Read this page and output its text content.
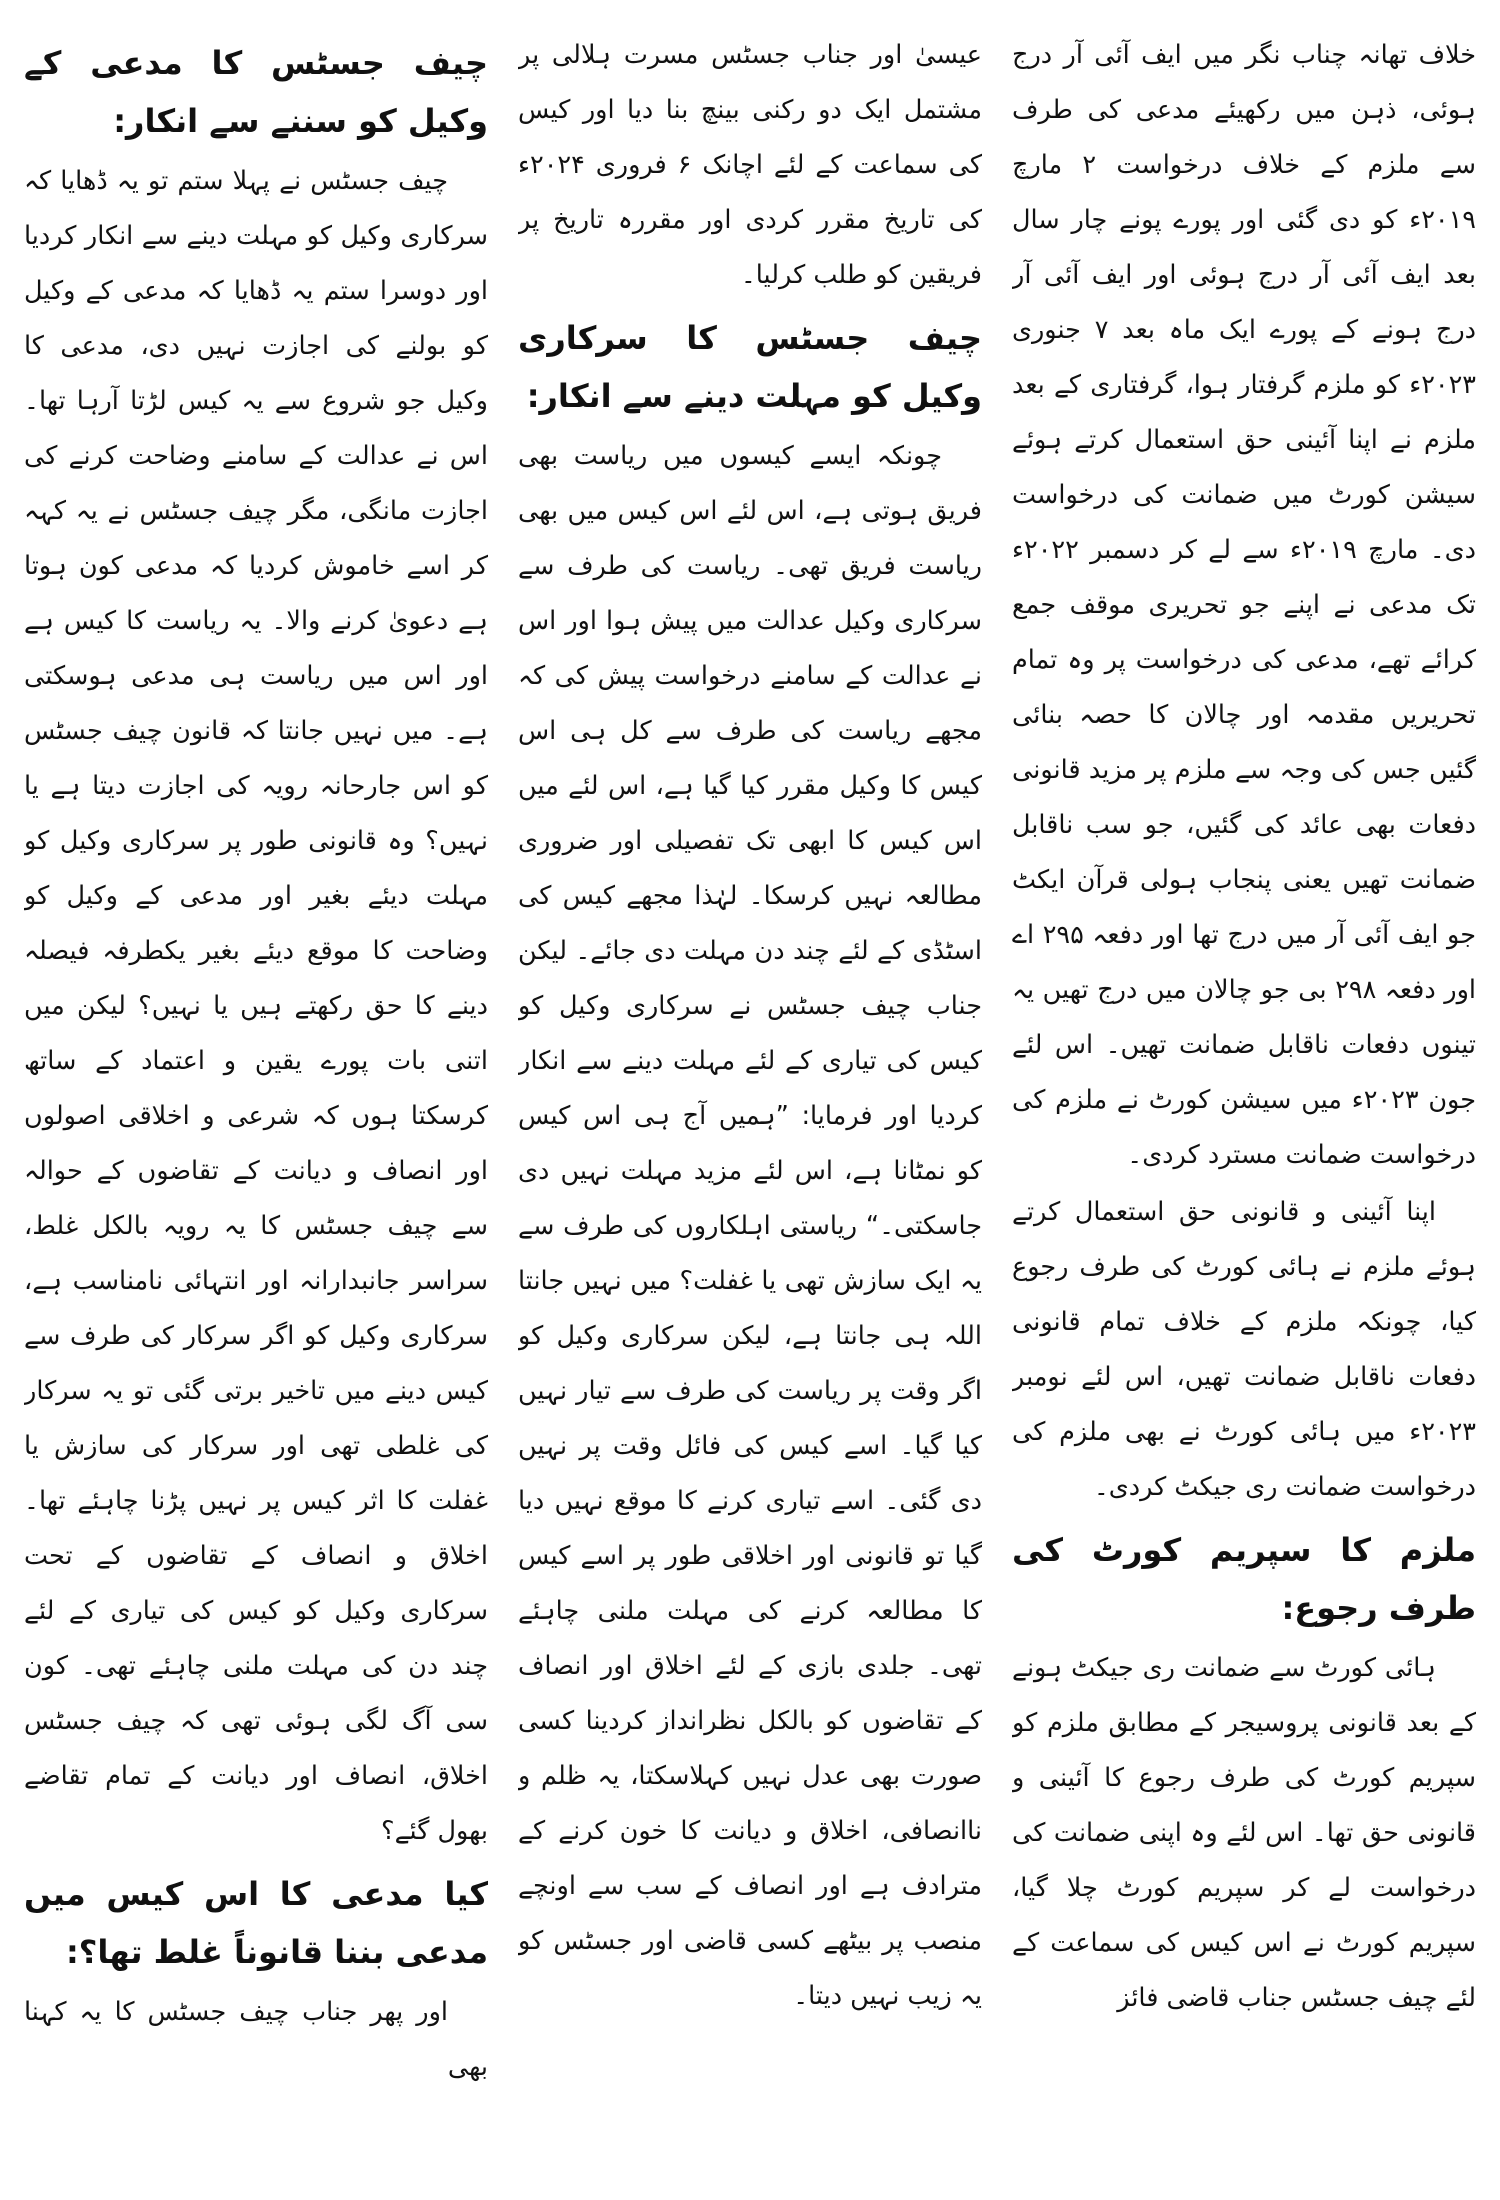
خلاف تھانہ چناب نگر میں ایف آئی آر درج ہوئی، ذہن میں رکھیئے مدعی کی طرف سے ملزم کے خلاف درخواست ۲ مارچ ۲۰۱۹ء کو دی گئی اور پورے پونے چار سال بعد ایف آئی آر درج ہوئی اور ایف آئی آر درج ہونے کے پورے ایک ماہ بعد ۷ جنوری ۲۰۲۳ء کو ملزم گرفتار ہوا، گرفتاری کے بعد ملزم نے اپنا آئینی حق استعمال کرتے ہوئے سیشن کورٹ میں ضمانت کی درخواست دی۔ مارچ ۲۰۱۹ء سے لے کر دسمبر ۲۰۲۲ء تک مدعی نے اپنے جو تحریری موقف جمع کرائے تھے، مدعی کی درخواست پر وہ تمام تحریریں مقدمہ اور چالان کا حصہ بنائی گئیں جس کی وجہ سے ملزم پر مزید قانونی دفعات بھی عائد کی گئیں، جو سب ناقابل ضمانت تھیں یعنی پنجاب ہولی قرآن ایکٹ جو ایف آئی آر میں درج تھا اور دفعہ ۲۹۵ اے اور دفعہ ۲۹۸ بی جو چالان میں درج تھیں یہ تینوں دفعات ناقابل ضمانت تھیں۔ اس لئے جون ۲۰۲۳ء میں سیشن کورٹ نے ملزم کی درخواست ضمانت مسترد کردی۔

اپنا آئینی و قانونی حق استعمال کرتے ہوئے ملزم نے ہائی کورٹ کی طرف رجوع کیا، چونکہ ملزم کے خلاف تمام قانونی دفعات ناقابل ضمانت تھیں، اس لئے نومبر ۲۰۲۳ء میں ہائی کورٹ نے بھی ملزم کی درخواست ضمانت ری جیکٹ کردی۔

ملزم کا سپریم کورٹ کی طرف رجوع:

ہائی کورٹ سے ضمانت ری جیکٹ ہونے کے بعد قانونی پروسیجر کے مطابق ملزم کو سپریم کورٹ کی طرف رجوع کا آئینی و قانونی حق تھا۔ اس لئے وہ اپنی ضمانت کی درخواست لے کر سپریم کورٹ چلا گیا، سپریم کورٹ نے اس کیس کی سماعت کے لئے چیف جسٹس جناب قاضی فائز

عیسیٰ اور جناب جسٹس مسرت ہلالی پر مشتمل ایک دو رکنی بینچ بنا دیا اور کیس کی سماعت کے لئے اچانک ۶ فروری ۲۰۲۴ء کی تاریخ مقرر کردی اور مقررہ تاریخ پر فریقین کو طلب کرلیا۔

چیف جسٹس کا سرکاری وکیل کو مہلت دینے سے انکار:

چونکہ ایسے کیسوں میں ریاست بھی فریق ہوتی ہے، اس لئے اس کیس میں بھی ریاست فریق تھی۔ ریاست کی طرف سے سرکاری وکیل عدالت میں پیش ہوا اور اس نے عدالت کے سامنے درخواست پیش کی کہ مجھے ریاست کی طرف سے کل ہی اس کیس کا وکیل مقرر کیا گیا ہے، اس لئے میں اس کیس کا ابھی تک تفصیلی اور ضروری مطالعہ نہیں کرسکا۔ لہٰذا مجھے کیس کی اسٹڈی کے لئے چند دن مہلت دی جائے۔ لیکن جناب چیف جسٹس نے سرکاری وکیل کو کیس کی تیاری کے لئے مہلت دینے سے انکار کردیا اور فرمایا: ”ہمیں آج ہی اس کیس کو نمٹانا ہے، اس لئے مزید مہلت نہیں دی جاسکتی۔“ ریاستی اہلکاروں کی طرف سے یہ ایک سازش تھی یا غفلت؟ میں نہیں جانتا اللہ ہی جانتا ہے، لیکن سرکاری وکیل کو اگر وقت پر ریاست کی طرف سے تیار نہیں کیا گیا۔ اسے کیس کی فائل وقت پر نہیں دی گئی۔ اسے تیاری کرنے کا موقع نہیں دیا گیا تو قانونی اور اخلاقی طور پر اسے کیس کا مطالعہ کرنے کی مہلت ملنی چاہئے تھی۔ جلدی بازی کے لئے اخلاق اور انصاف کے تقاضوں کو بالکل نظرانداز کردینا کسی صورت بھی عدل نہیں کہلاسکتا، یہ ظلم و ناانصافی، اخلاق و دیانت کا خون کرنے کے مترادف ہے اور انصاف کے سب سے اونچے منصب پر بیٹھے کسی قاضی اور جسٹس کو یہ زیب نہیں دیتا۔

چیف جسٹس کا مدعی کے وکیل کو سننے سے انکار:

چیف جسٹس نے پہلا ستم تو یہ ڈھایا کہ سرکاری وکیل کو مہلت دینے سے انکار کردیا اور دوسرا ستم یہ ڈھایا کہ مدعی کے وکیل کو بولنے کی اجازت نہیں دی، مدعی کا وکیل جو شروع سے یہ کیس لڑتا آرہا تھا۔ اس نے عدالت کے سامنے وضاحت کرنے کی اجازت مانگی، مگر چیف جسٹس نے یہ کہہ کر اسے خاموش کردیا کہ مدعی کون ہوتا ہے دعویٰ کرنے والا۔ یہ ریاست کا کیس ہے اور اس میں ریاست ہی مدعی ہوسکتی ہے۔ میں نہیں جانتا کہ قانون چیف جسٹس کو اس جارحانہ رویہ کی اجازت دیتا ہے یا نہیں؟ وہ قانونی طور پر سرکاری وکیل کو مہلت دیئے بغیر اور مدعی کے وکیل کو وضاحت کا موقع دیئے بغیر یکطرفہ فیصلہ دینے کا حق رکھتے ہیں یا نہیں؟ لیکن میں اتنی بات پورے یقین و اعتماد کے ساتھ کرسکتا ہوں کہ شرعی و اخلاقی اصولوں اور انصاف و دیانت کے تقاضوں کے حوالہ سے چیف جسٹس کا یہ رویہ بالکل غلط، سراسر جانبدارانہ اور انتہائی نامناسب ہے، سرکاری وکیل کو اگر سرکار کی طرف سے کیس دینے میں تاخیر برتی گئی تو یہ سرکار کی غلطی تھی اور سرکار کی سازش یا غفلت کا اثر کیس پر نہیں پڑنا چاہئے تھا۔ اخلاق و انصاف کے تقاضوں کے تحت سرکاری وکیل کو کیس کی تیاری کے لئے چند دن کی مہلت ملنی چاہئے تھی۔ کون سی آگ لگی ہوئی تھی کہ چیف جسٹس اخلاق، انصاف اور دیانت کے تمام تقاضے بھول گئے؟

کیا مدعی کا اس کیس میں مدعی بننا قانوناً غلط تھا؟:

اور پھر جناب چیف جسٹس کا یہ کہنا بھی
